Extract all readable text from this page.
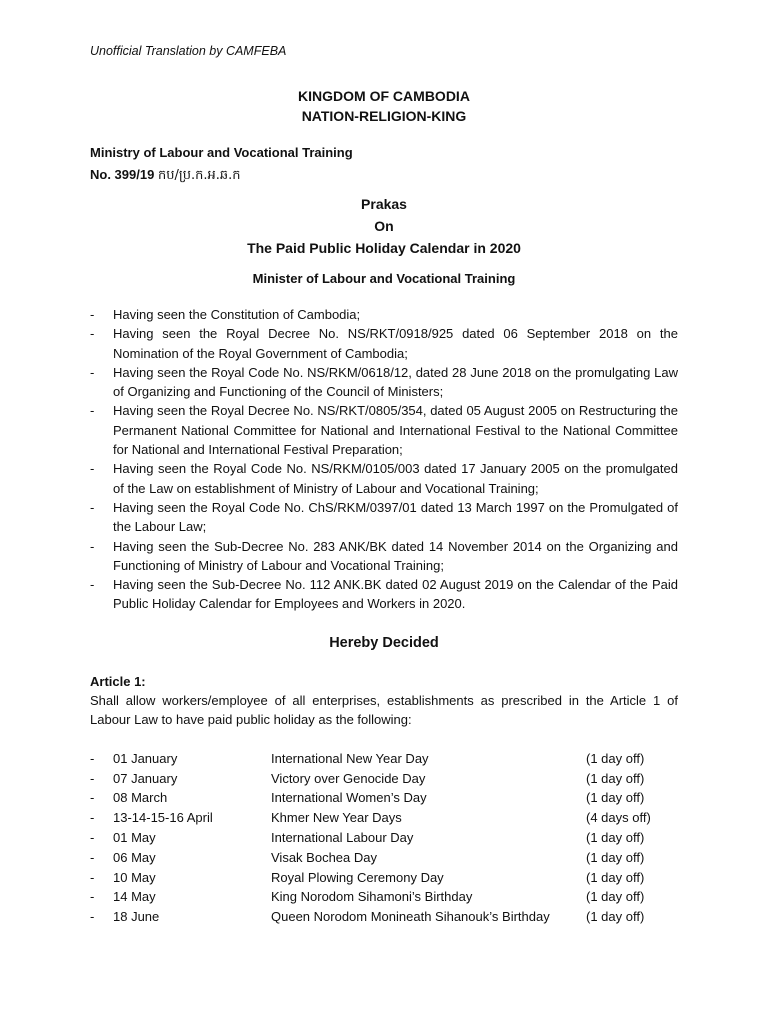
Unofficial Translation by CAMFEBA
KINGDOM OF CAMBODIA
NATION-RELIGION-KING
Ministry of Labour and Vocational Training
No. 399/19 កប/ប្រ.ក.អ.ឆ.ក
Prakas
On
The Paid Public Holiday Calendar in 2020
Minister of Labour and Vocational Training
- Having seen the Constitution of Cambodia;
- Having seen the Royal Decree No. NS/RKT/0918/925 dated 06 September 2018 on the Nomination of the Royal Government of Cambodia;
- Having seen the Royal Code No. NS/RKM/0618/12, dated 28 June 2018 on the promulgating Law of Organizing and Functioning of the Council of Ministers;
- Having seen the Royal Decree No. NS/RKT/0805/354, dated 05 August 2005 on Restructuring the Permanent National Committee for National and International Festival to the National Committee for National and International Festival Preparation;
- Having seen the Royal Code No. NS/RKM/0105/003 dated 17 January 2005 on the promulgated of the Law on establishment of Ministry of Labour and Vocational Training;
- Having seen the Royal Code No. ChS/RKM/0397/01 dated 13 March 1997 on the Promulgated of the Labour Law;
- Having seen the Sub-Decree No. 283 ANK/BK dated 14 November 2014 on the Organizing and Functioning of Ministry of Labour and Vocational Training;
- Having seen the Sub-Decree No. 112 ANK.BK dated 02 August 2019 on the Calendar of the Paid Public Holiday Calendar for Employees and Workers in 2020.
Hereby Decided
Article 1:
Shall allow workers/employee of all enterprises, establishments as prescribed in the Article 1 of Labour Law to have paid public holiday as the following:
- 01 January	International New Year Day	(1 day off)
- 07 January	Victory over Genocide Day	(1 day off)
- 08 March	International Women’s Day	(1 day off)
- 13-14-15-16 April	Khmer New Year Days	(4 days off)
- 01 May	International Labour Day	(1 day off)
- 06 May	Visak Bochea Day	(1 day off)
- 10 May	Royal Plowing Ceremony Day	(1 day off)
- 14 May	King Norodom Sihamoni’s Birthday	(1 day off)
- 18 June	Queen Norodom Monineath Sihanouk’s Birthday	(1 day off)
